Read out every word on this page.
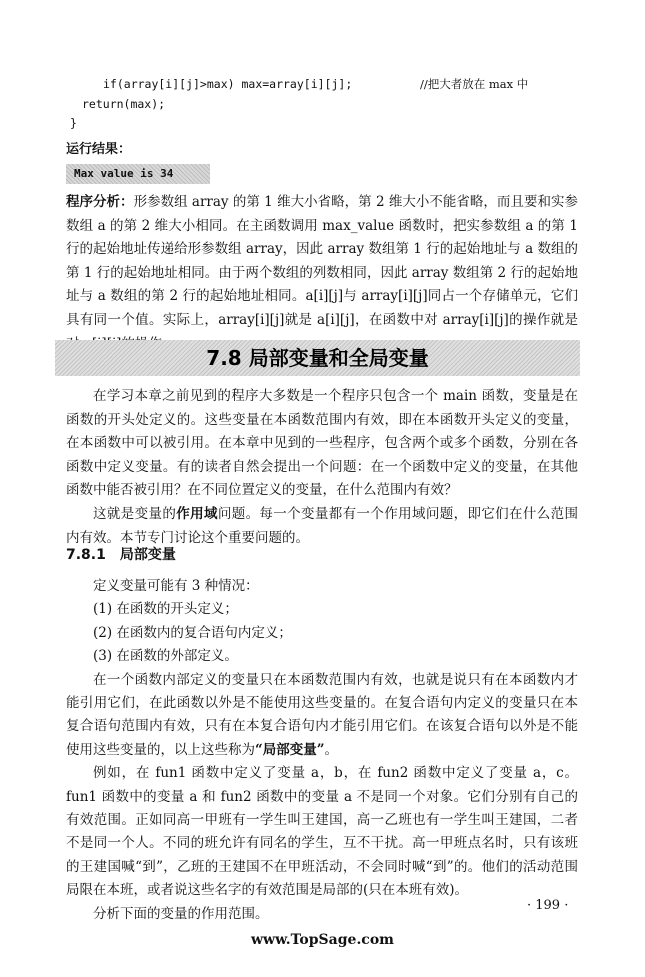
if(array[i][j]>max) max=array[i][j];	//把大者放在 max 中
return(max);
}
运行结果：
Max value is 34

程序分析：形参数组 array 的第 1 维大小省略，第 2 维大小不能省略，而且要和实参数组 a 的第 2 维大小相同。在主函数调用 max_value 函数时，把实参数组 a 的第 1 行的起始地址传递给形参数组 array，因此 array 数组第 1 行的起始地址与 a 数组的第 1 行的起始地址相同。由于两个数组的列数相同，因此 array 数组第 2 行的起始地址与 a 数组的第 2 行的起始地址相同。a[i][j]与 array[i][j]同占一个存储单元，它们具有同一个值。实际上，array[i][j]就是 a[i][j]，在函数中对 array[i][j]的操作就是

7.8 局部变量和全局变量

在学习本章之前见到的程序大多数是一个程序只包含一个 main 函数，变量是在函数的开头处定义的。这些变量在本函数范围内有效，即在本函数开头定义的变量，在本函数中可以被引用。在本章中见到的一些程序，包含两个或多个函数，分别在各函数中定义变量。有的读者自然会提出一个问题：在一个函数中定义的变量，在其他函数中能否被引用？在不同位置定义的变量，在什么范围内有效？

这就是变量的作用域问题。每一个变量都有一个作用域问题，即它们在什么范围内有效。本节专门讨论这个重要问题的。

7.8.1 局部变量

定义变量可能有 3 种情况：

(1) 在函数的开头定义；

(2) 在函数内的复合语句内定义；

(3) 在函数的外部定义。

在一个函数内部定义的变量只在本函数范围内有效，也就是说只有在本函数内才能引用它们，在此函数以外是不能使用这些变量的。在复合语句内定义的变量只在本复合语句范围内有效，只有在本复合语句内才能引用它们。在该复合语句以外是不能使用这些变量的，以上这些称为“局部变量”。

例如，在 fun1 函数中定义了变量 a，b，在 fun2 函数中定义了变量 a，c。fun1 函数中的变量 a 和 fun2 函数中的变量 a 不是同一个对象。它们分别有自己的有效范围。正如同高一甲班有一学生叫王建国，高一乙班也有一学生叫王建国，二者不是同一个人。不同的班允许有同名的学生，互不干扰。高一甲班点名时，只有该班的王建国喊“到”，乙班的王建国不在甲班活动，不会同时喊“到”的。他们的活动范围局限在本班，或者说这些名字的有效范围是局部的(只在本班有效)。

分析下面的变量的作用范围。

· 199 ·
www.TopSage.com
